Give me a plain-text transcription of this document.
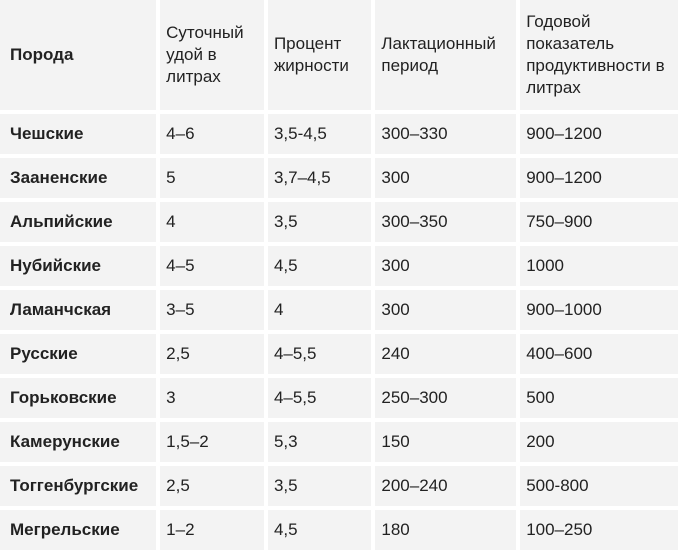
Порода	Суточный удой в литрах	Процент жирности	Лактационный период	Годовой показатель продуктивности в литрах
Чешские	4–6	3,5-4,5	300–330	900–1200
Зааненские	5	3,7–4,5	300	900–1200
Альпийские	4	3,5	300–350	750–900
Нубийские	4–5	4,5	300	1000
Ламанчская	3–5	4	300	900–1000
Русские	2,5	4–5,5	240	400–600
Горьковские	3	4–5,5	250–300	500
Камерунские	1,5–2	5,3	150	200
Тоггенбургские	2,5	3,5	200–240	500-800
Мегрельские	1–2	4,5	180	100–250
